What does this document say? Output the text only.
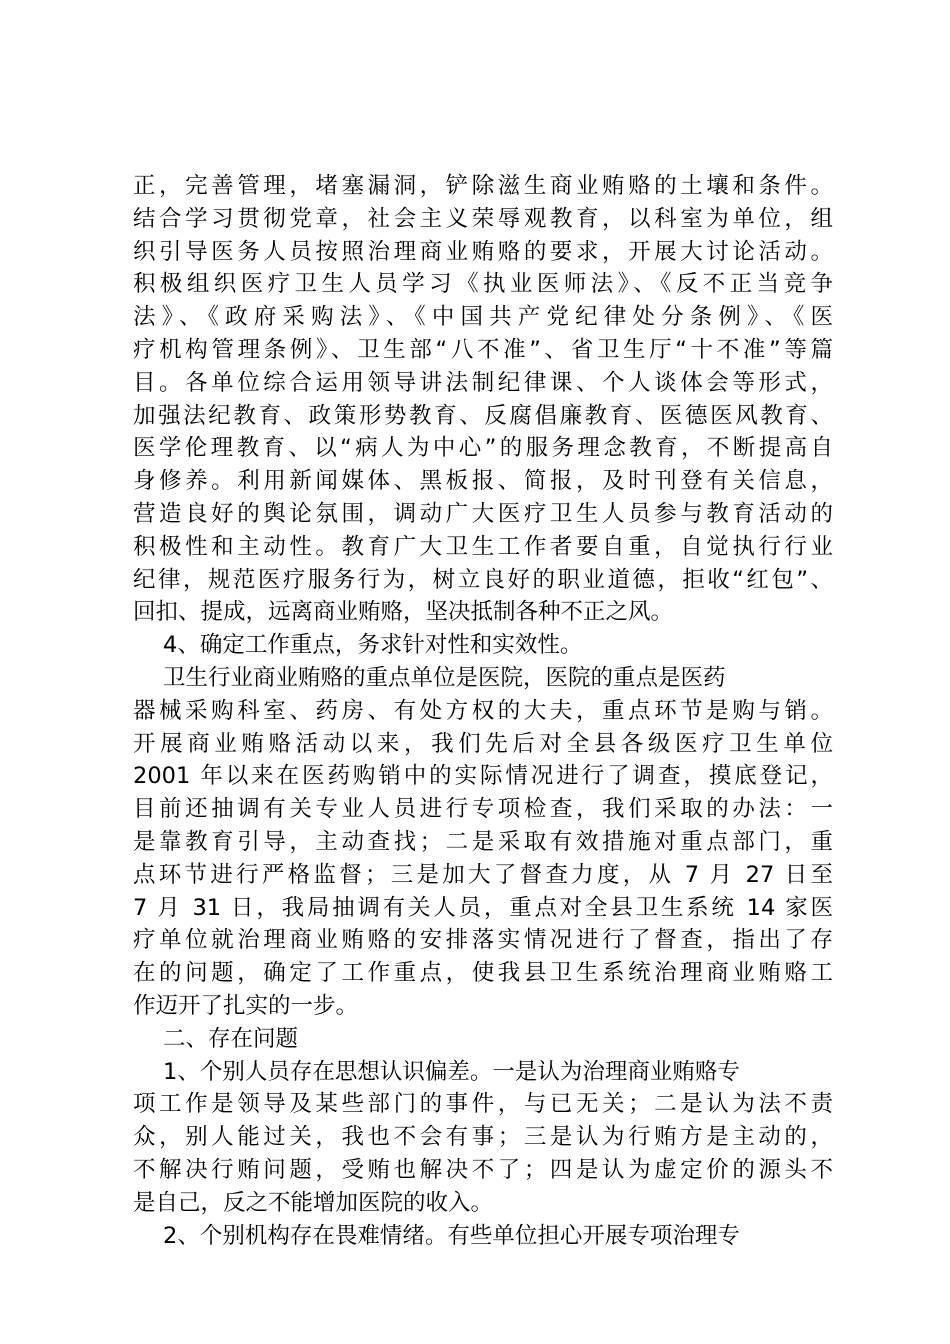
正，完善管理，堵塞漏洞，铲除滋生商业贿赂的土壤和条件。
结合学习贯彻党章，社会主义荣辱观教育，以科室为单位，组
织引导医务人员按照治理商业贿赂的要求，开展大讨论活动。
积极组织医疗卫生人员学习《执业医师法》、《反不正当竞争
法》、《政府采购法》、《中国共产党纪律处分条例》、《医
疗机构管理条例》、卫生部“八不准”、省卫生厅“十不准”等篇
目。各单位综合运用领导讲法制纪律课、个人谈体会等形式，
加强法纪教育、政策形势教育、反腐倡廉教育、医德医风教育、
医学伦理教育、以“病人为中心”的服务理念教育，不断提高自
身修养。利用新闻媒体、黑板报、简报，及时刊登有关信息，
营造良好的舆论氛围，调动广大医疗卫生人员参与教育活动的
积极性和主动性。教育广大卫生工作者要自重，自觉执行行业
纪律，规范医疗服务行为，树立良好的职业道德，拒收“红包”、
回扣、提成，远离商业贿赂，坚决抵制各种不正之风。
4、确定工作重点，务求针对性和实效性。
卫生行业商业贿赂的重点单位是医院，医院的重点是医药
器械采购科室、药房、有处方权的大夫，重点环节是购与销。
开展商业贿赂活动以来，我们先后对全县各级医疗卫生单位
2001 年以来在医药购销中的实际情况进行了调查，摸底登记，
目前还抽调有关专业人员进行专项检查，我们采取的办法：一
是靠教育引导，主动查找；二是采取有效措施对重点部门，重
点环节进行严格监督；三是加大了督查力度，从 7 月 27 日至
7 月 31 日，我局抽调有关人员，重点对全县卫生系统 14 家医
疗单位就治理商业贿赂的安排落实情况进行了督查，指出了存
在的问题，确定了工作重点，使我县卫生系统治理商业贿赂工
作迈开了扎实的一步。
二、存在问题
1、个别人员存在思想认识偏差。一是认为治理商业贿赂专
项工作是领导及某些部门的事件，与已无关；二是认为法不责
众，别人能过关，我也不会有事；三是认为行贿方是主动的，
不解决行贿问题，受贿也解决不了；四是认为虚定价的源头不
是自己，反之不能增加医院的收入。
2、个别机构存在畏难情绪。有些单位担心开展专项治理专
